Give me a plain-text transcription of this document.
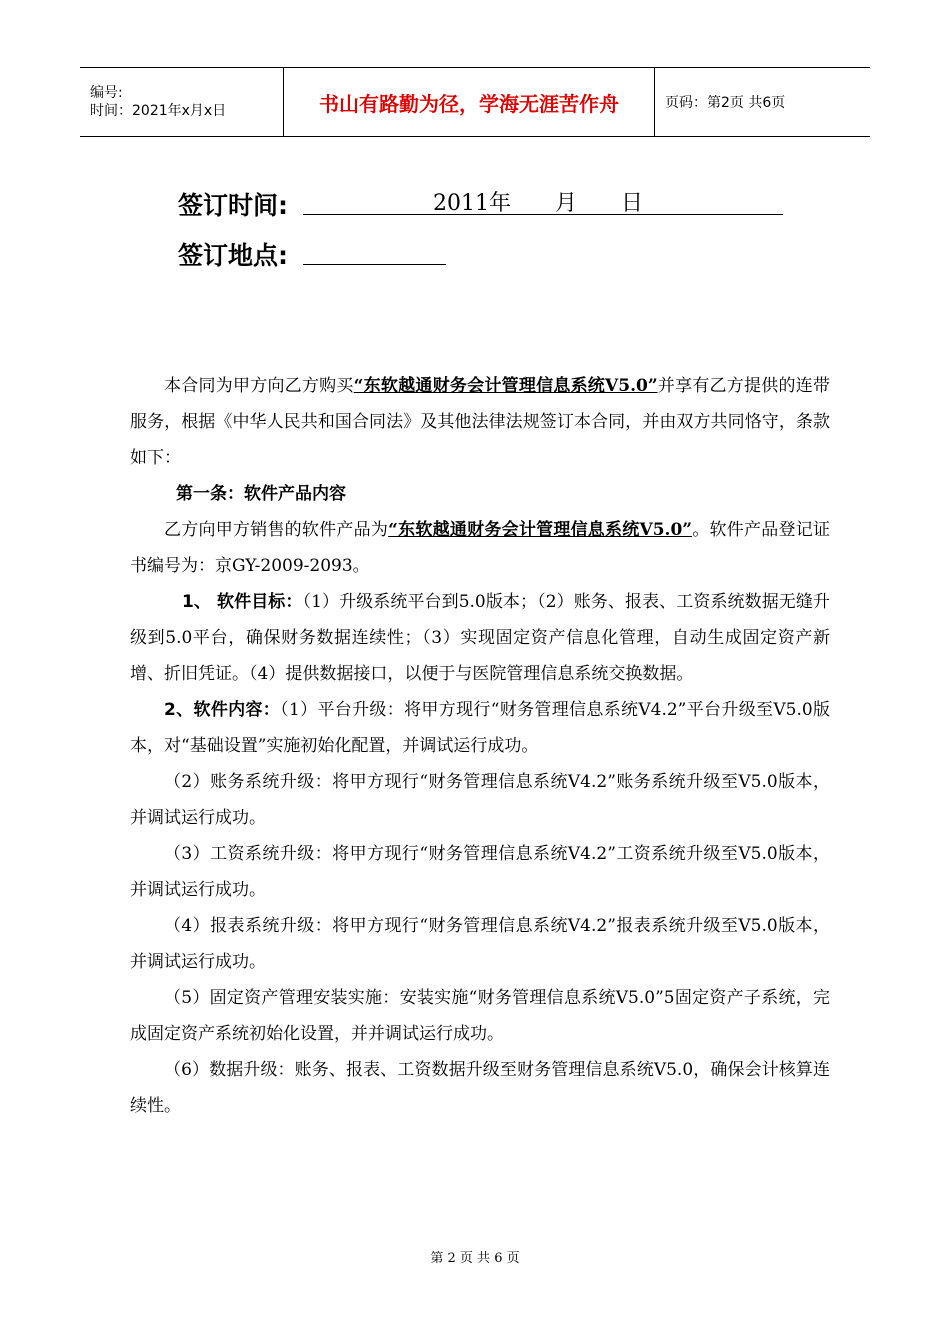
编号:
时间：2021年x月x日	书山有路勤为径，学海无涯苦作舟	页码：第2页 共6页
签订时间:	2011年 月 日
签订地点:

本合同为甲方向乙方购买“东软越通财务会计管理信息系统V5.0”并享有乙方提供的连带服务，根据《中华人民共和国合同法》及其他法律法规签订本合同，并由双方共同恪守，条款如下：

第一条：软件产品内容

乙方向甲方销售的软件产品为“东软越通财务会计管理信息系统V5.0”。软件产品登记证书编号为：京GY-2009-2093。

1、 软件目标：（1）升级系统平台到5.0版本；（2）账务、报表、工资系统数据无缝升级到5.0平台，确保财务数据连续性；（3）实现固定资产信息化管理，自动生成固定资产新增、折旧凭证。（4）提供数据接口，以便于与医院管理信息系统交换数据。

2、软件内容：（1）平台升级：将甲方现行“财务管理信息系统V4.2”平台升级至V5.0版本，对“基础设置”实施初始化配置，并调试运行成功。

（2）账务系统升级：将甲方现行“财务管理信息系统V4.2”账务系统升级至V5.0版本，并调试运行成功。

（3）工资系统升级：将甲方现行“财务管理信息系统V4.2”工资系统升级至V5.0版本，并调试运行成功。

（4）报表系统升级：将甲方现行“财务管理信息系统V4.2”报表系统升级至V5.0版本，并调试运行成功。

（5）固定资产管理安装实施：安装实施“财务管理信息系统V5.0”5固定资产子系统，完成固定资产系统初始化设置，并并调试运行成功。

（6）数据升级：账务、报表、工资数据升级至财务管理信息系统V5.0，确保会计核算连续性。

第 2 页 共 6 页
